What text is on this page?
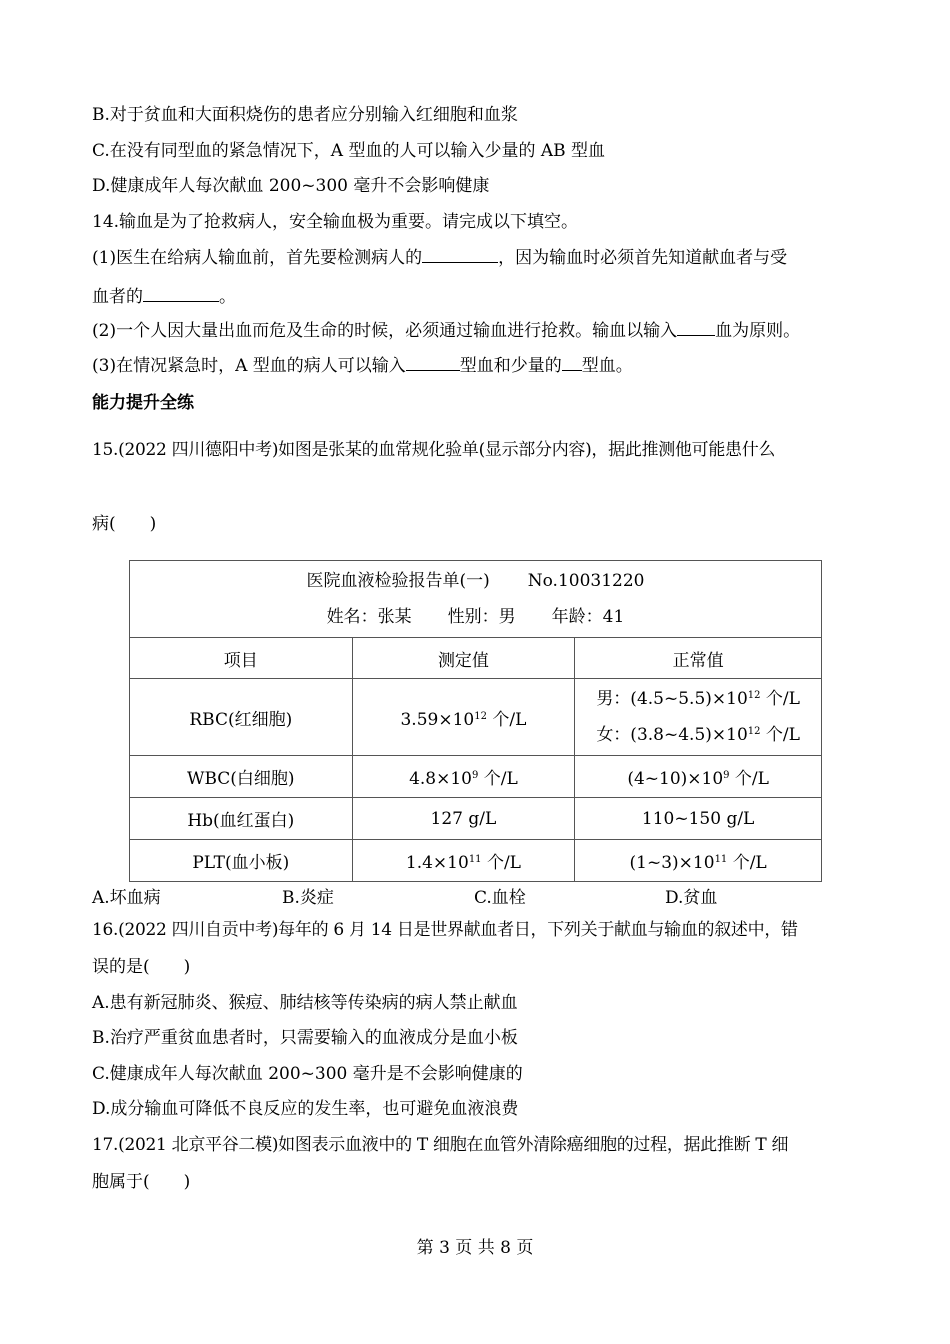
B.对于贫血和大面积烧伤的患者应分别输入红细胞和血浆
C.在没有同型血的紧急情况下，A 型血的人可以输入少量的 AB 型血
D.健康成年人每次献血 200~300 毫升不会影响健康
14.输血是为了抢救病人，安全输血极为重要。请完成以下填空。
(1)医生在给病人输血前，首先要检测病人的	，因为输血时必须首先知道献血者与受
血者的	。
(2)一个人因大量出血而危及生命的时候，必须通过输血进行抢救。输血以输入 血为原则。
(3)在情况紧急时，A 型血的病人可以输入	型血和少量的 型血。
能力提升全练
15.(2022 四川德阳中考)如图是张某的血常规化验单(显示部分内容)，据此推测他可能患什么
病(　　)
医院血液检验报告单(一) No.10031220
姓名：张某 性别：男 年龄：41		

项目	测定值	正常值
RBC(红细胞)	$3.59\times 10^{12}$ 个/L	男：$(4.5\sim 5.5)\times 10^{12}$ 个/L
女：$(3.8\sim 4.5)\times 10^{12}$ 个/L

WBC(白细胞)	$4.8\times 10^9$ 个/L	$(4\sim 10)\times 10^9$ 个/L
Hb(血红蛋白)	127 g/L	110~150 g/L
PLT(血小板)	$1.4\times 10^{11}$ 个/L	$(1\sim 3)\times 10^{11}$ 个/L
A.坏血病	B.炎症	C.血栓	D.贫血
16.(2022 四川自贡中考)每年的 6 月 14 日是世界献血者日，下列关于献血与输血的叙述中，错
误的是(　　)
A.患有新冠肺炎、猴痘、肺结核等传染病的病人禁止献血
B.治疗严重贫血患者时，只需要输入的血液成分是血小板
C.健康成年人每次献血 200~300 毫升是不会影响健康的
D.成分输血可降低不良反应的发生率，也可避免血液浪费
17.(2021 北京平谷二模)如图表示血液中的 T 细胞在血管外清除癌细胞的过程，据此推断 T 细
胞属于(　　)
第 3 页 共 8 页
